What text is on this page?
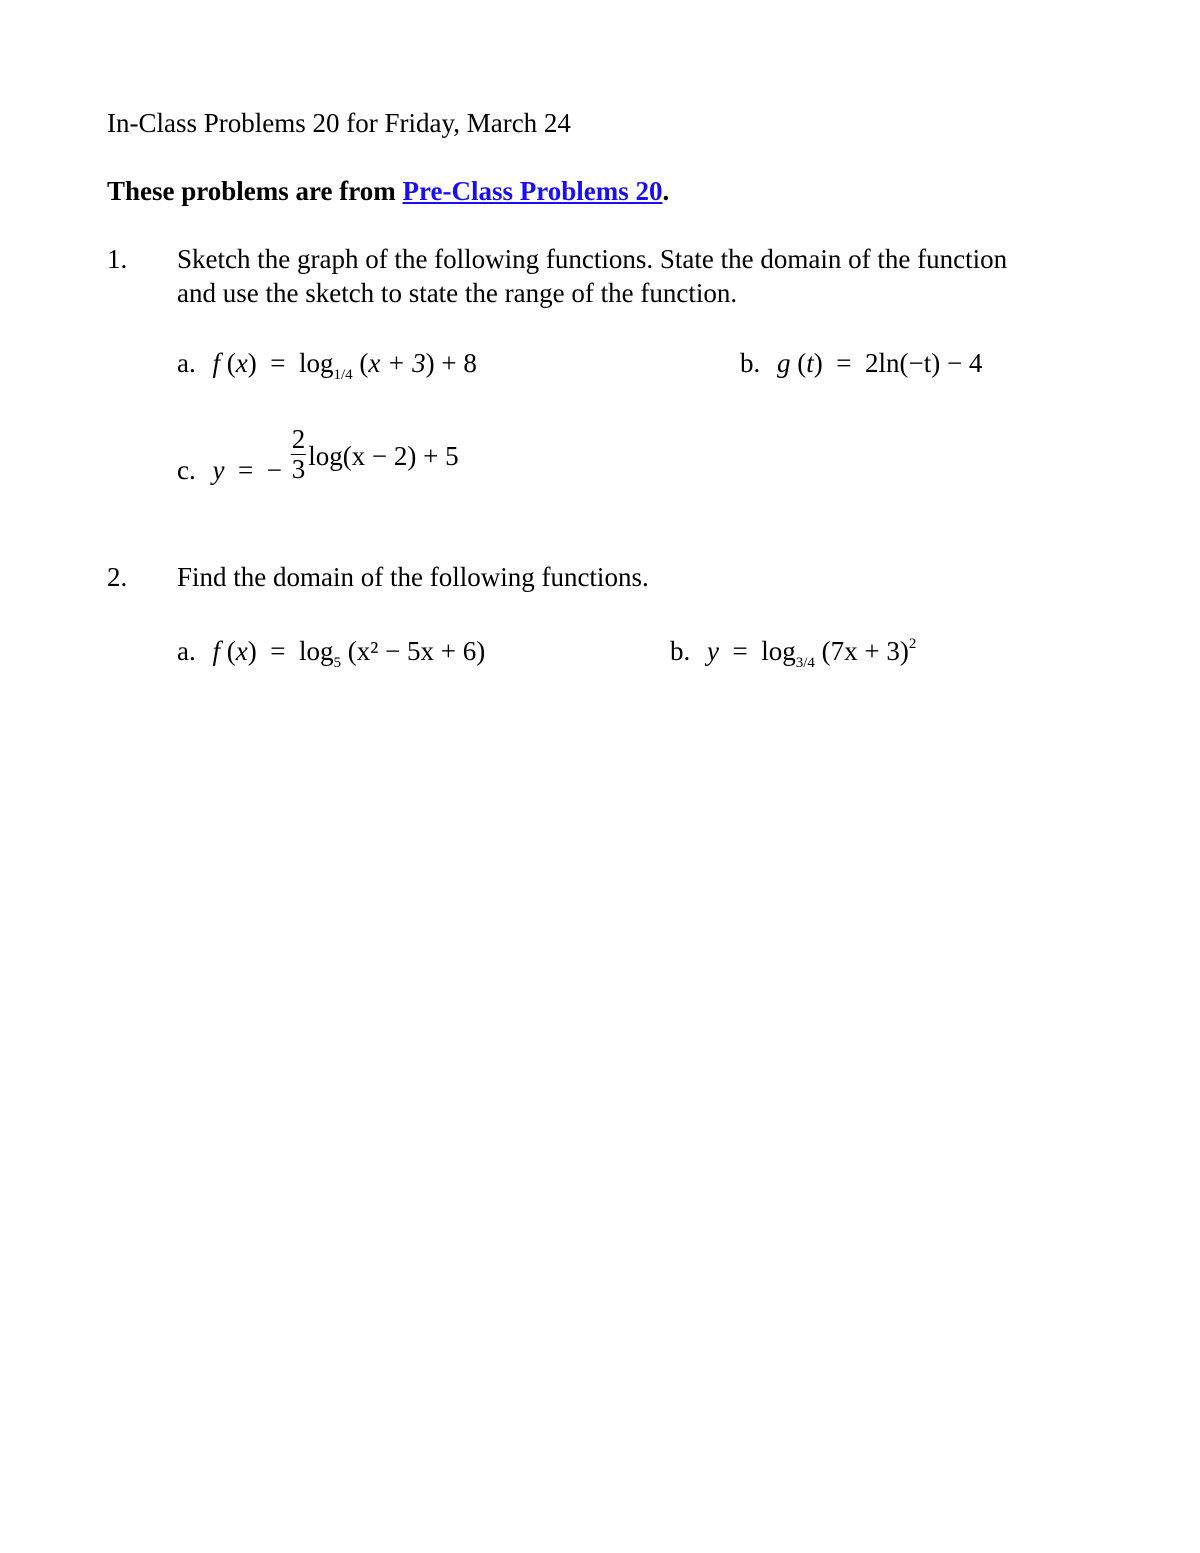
In-Class Problems 20 for Friday, March 24
These problems are from Pre-Class Problems 20.
1. Sketch the graph of the following functions. State the domain of the function
and use the sketch to state the range of the function.
a. f $(x) = \log_{1/4} (x + 3) + 8$	b. g (t)  =  2ln(−t) − 4
c. y  =  − $\frac{2}{3} \log(x - 2) + 5$
2. Find the domain of the following functions.
a. f $(x) = \log_5 (x^2 - 5x + 6)$	b. $y = \log_{3/4} (7x + 3)^2$
